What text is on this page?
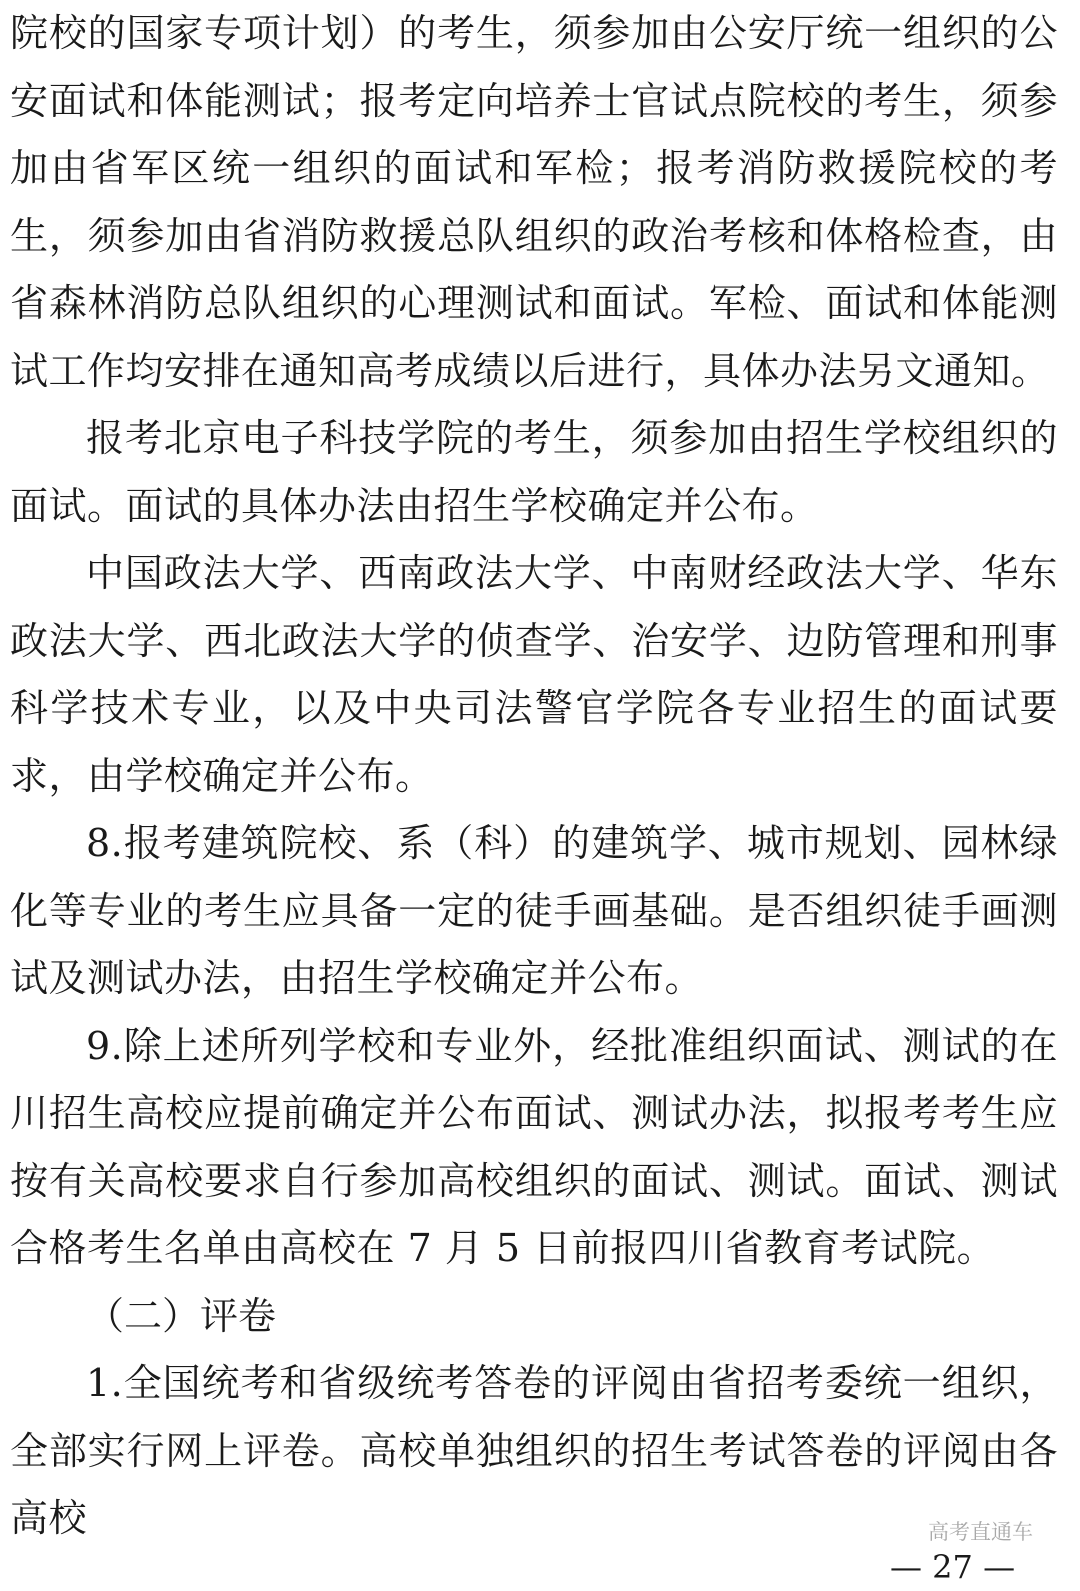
院校的国家专项计划）的考生，须参加由公安厅统一组织的公安面试和体能测试；报考定向培养士官试点院校的考生，须参加由省军区统一组织的面试和军检；报考消防救援院校的考生，须参加由省消防救援总队组织的政治考核和体格检查，由省森林消防总队组织的心理测试和面试。军检、面试和体能测试工作均安排在通知高考成绩以后进行，具体办法另文通知。

报考北京电子科技学院的考生，须参加由招生学校组织的面试。面试的具体办法由招生学校确定并公布。

中国政法大学、西南政法大学、中南财经政法大学、华东政法大学、西北政法大学的侦查学、治安学、边防管理和刑事科学技术专业，以及中央司法警官学院各专业招生的面试要求，由学校确定并公布。

8.报考建筑院校、系（科）的建筑学、城市规划、园林绿化等专业的考生应具备一定的徒手画基础。是否组织徒手画测试及测试办法，由招生学校确定并公布。

9.除上述所列学校和专业外，经批准组织面试、测试的在川招生高校应提前确定并公布面试、测试办法，拟报考考生应按有关高校要求自行参加高校组织的面试、测试。面试、测试合格考生名单由高校在 7 月 5 日前报四川省教育考试院。

（二）评卷

1.全国统考和省级统考答卷的评阅由省招考委统一组织，全部实行网上评卷。高校单独组织的招生考试答卷的评阅由各高校	高考直通车
— 27 —
